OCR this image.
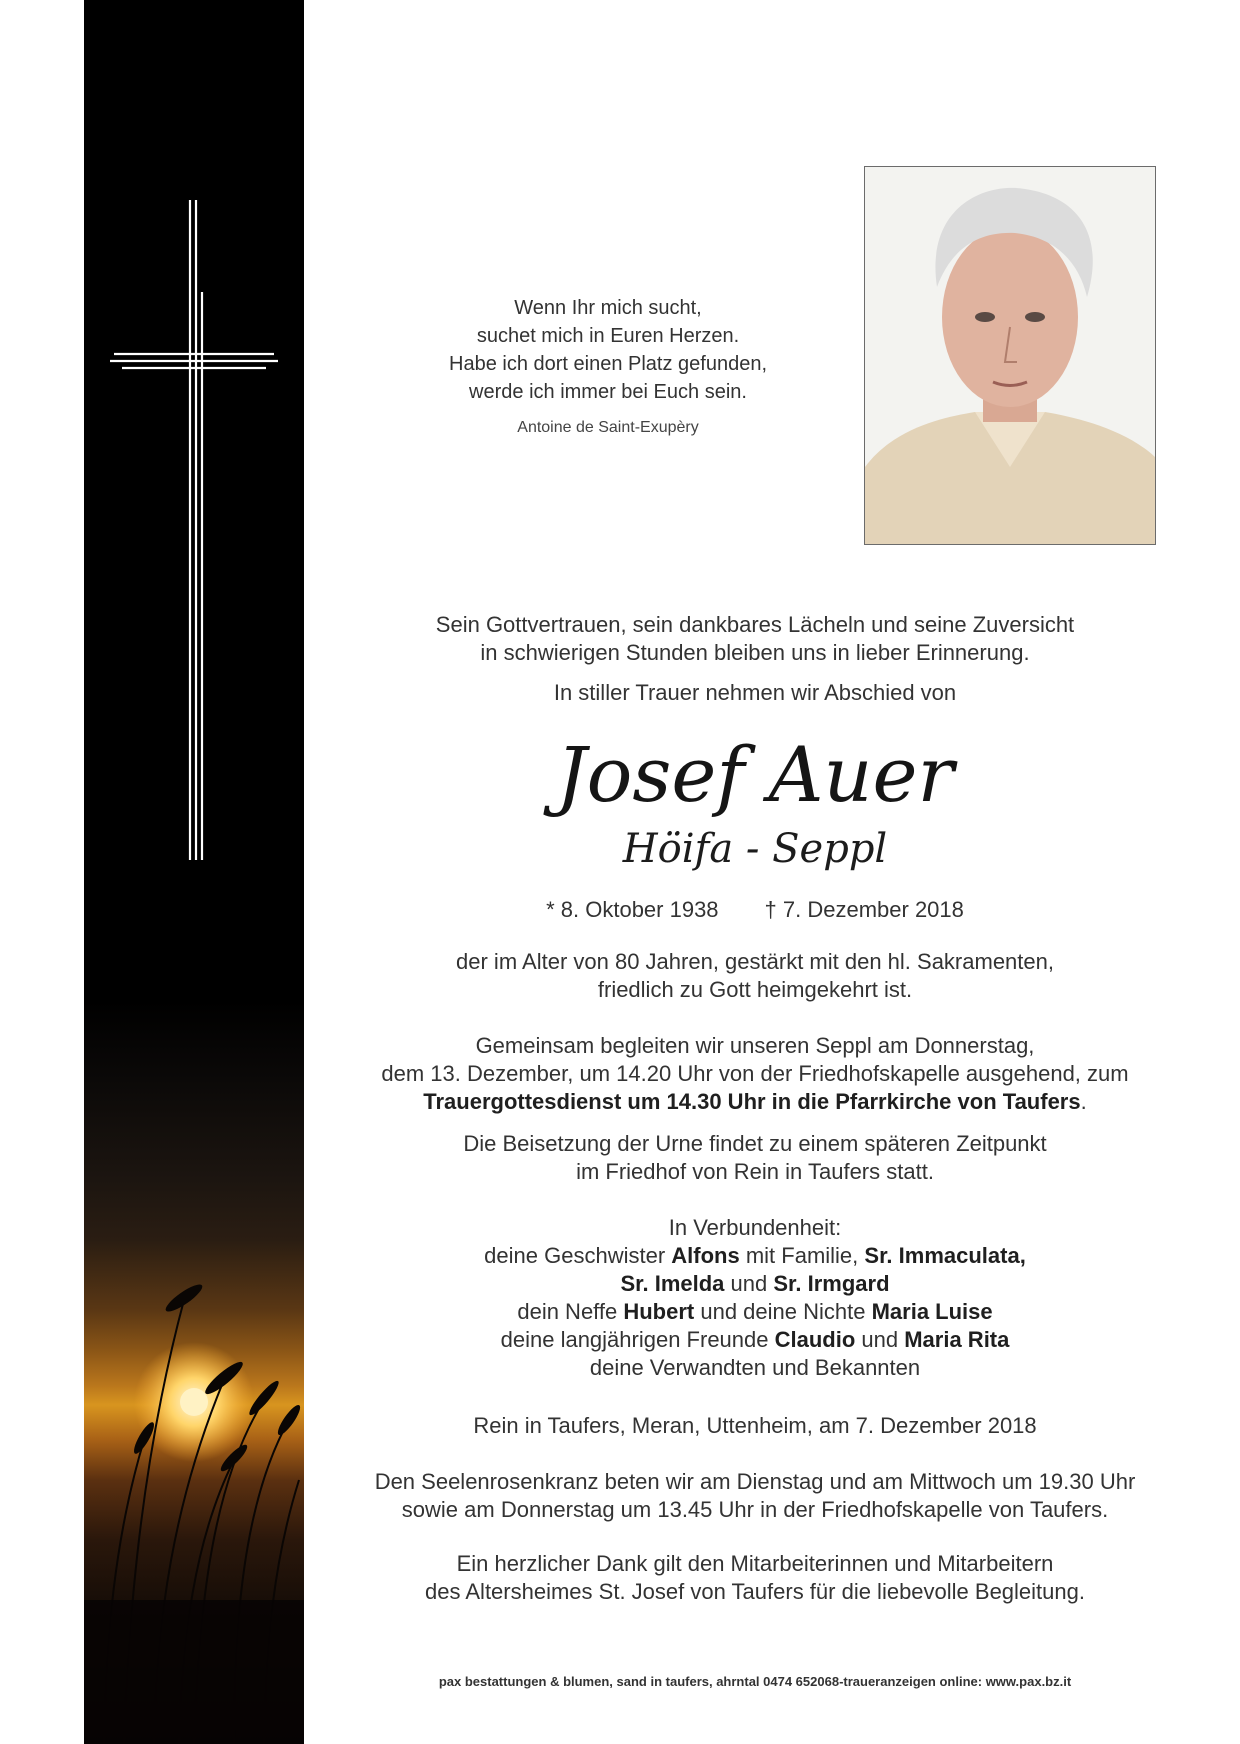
Wenn Ihr mich sucht,
suchet mich in Euren Herzen.
Habe ich dort einen Platz gefunden,
werde ich immer bei Euch sein.
Antoine de Saint-Exupèry
Sein Gottvertrauen, sein dankbares Lächeln und seine Zuversicht
in schwierigen Stunden bleiben uns in lieber Erinnerung.
In stiller Trauer nehmen wir Abschied von
Josef Auer
Höifa - Seppl
* 8. Oktober 1938 † 7. Dezember 2018
der im Alter von 80 Jahren, gestärkt mit den hl. Sakramenten,
friedlich zu Gott heimgekehrt ist.
Gemeinsam begleiten wir unseren Seppl am Donnerstag,
dem 13. Dezember, um 14.20 Uhr von der Friedhofskapelle ausgehend, zum
Trauergottesdienst um 14.30 Uhr in die Pfarrkirche von Taufers.
Die Beisetzung der Urne findet zu einem späteren Zeitpunkt
im Friedhof von Rein in Taufers statt.
In Verbundenheit:
deine Geschwister Alfons mit Familie, Sr. Immaculata,
Sr. Imelda und Sr. Irmgard
dein Neffe Hubert und deine Nichte Maria Luise
deine langjährigen Freunde Claudio und Maria Rita
deine Verwandten und Bekannten
Rein in Taufers, Meran, Uttenheim, am 7. Dezember 2018
Den Seelenrosenkranz beten wir am Dienstag und am Mittwoch um 19.30 Uhr
sowie am Donnerstag um 13.45 Uhr in der Friedhofskapelle von Taufers.
Ein herzlicher Dank gilt den Mitarbeiterinnen und Mitarbeitern
des Altersheimes St. Josef von Taufers für die liebevolle Begleitung.
pax bestattungen & blumen, sand in taufers, ahrntal 0474 652068-traueranzeigen online: www.pax.bz.it
